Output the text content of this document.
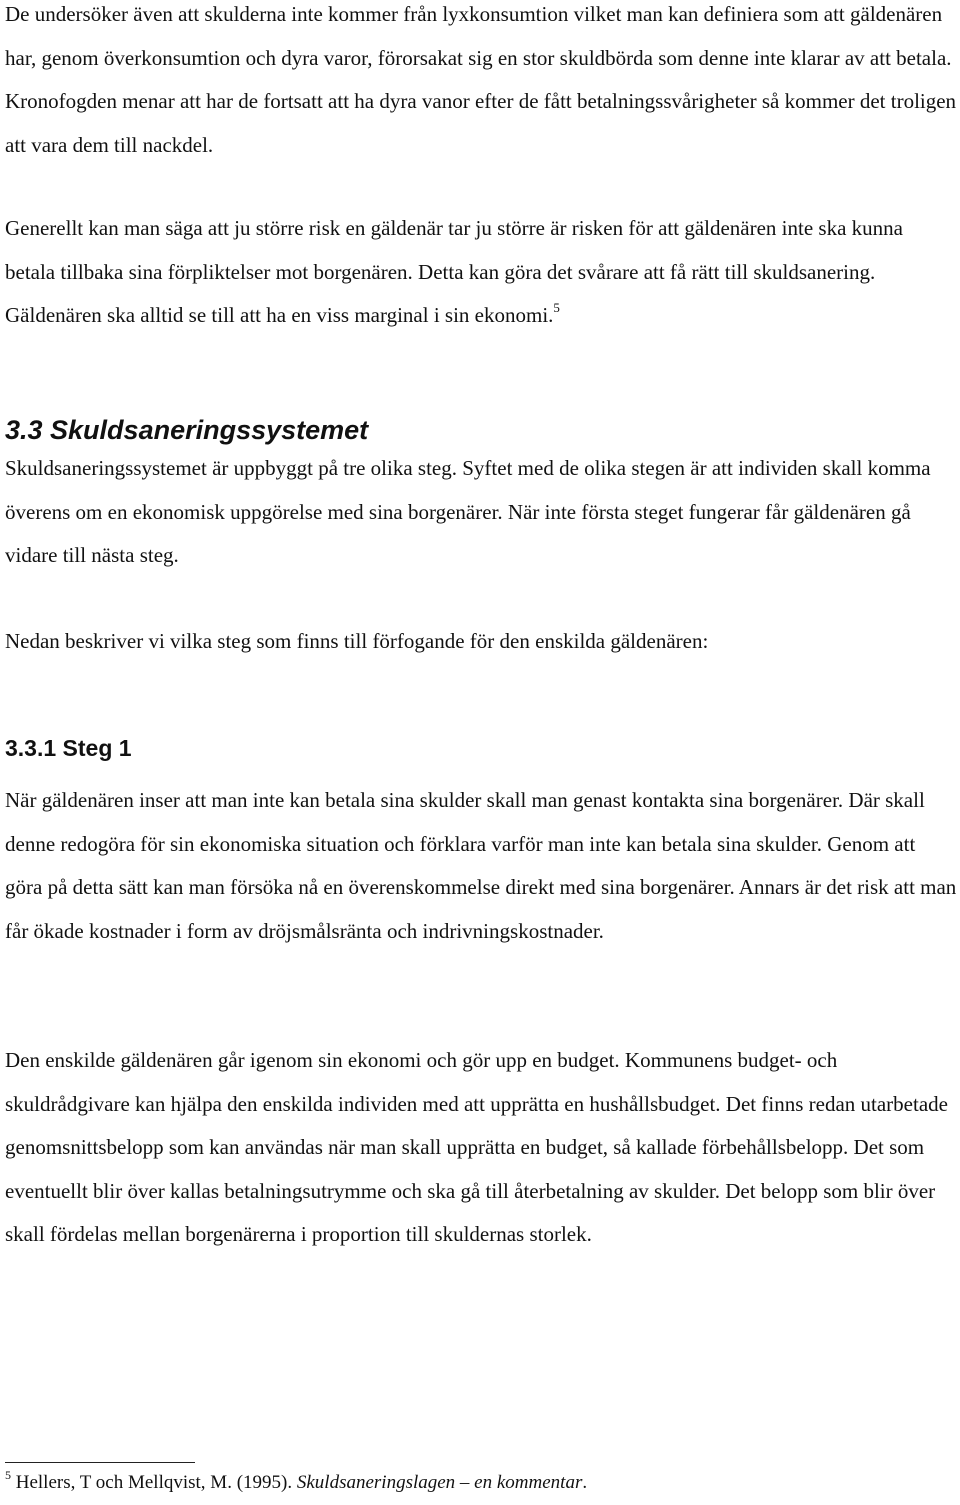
De undersöker även att skulderna inte kommer från lyxkonsumtion vilket man kan definiera som att gäldenären har, genom överkonsumtion och dyra varor, förorsakat sig en stor skuldbörda som denne inte klarar av att betala. Kronofogden menar att har de fortsatt att ha dyra vanor efter de fått betalningssvårigheter så kommer det troligen att vara dem till nackdel.

Generellt kan man säga att ju större risk en gäldenär tar ju större är risken för att gäldenären inte ska kunna betala tillbaka sina förpliktelser mot borgenären. Detta kan göra det svårare att få rätt till skuldsanering. Gäldenären ska alltid se till att ha en viss marginal i sin ekonomi.$^5$

3.3 Skuldsaneringssystemet

Skuldsaneringssystemet är uppbyggt på tre olika steg. Syftet med de olika stegen är att individen skall komma överens om en ekonomisk uppgörelse med sina borgenärer. När inte första steget fungerar får gäldenären gå vidare till nästa steg.

Nedan beskriver vi vilka steg som finns till förfogande för den enskilda gäldenären:

3.3.1 Steg 1

När gäldenären inser att man inte kan betala sina skulder skall man genast kontakta sina borgenärer. Där skall denne redogöra för sin ekonomiska situation och förklara varför man inte kan betala sina skulder. Genom att göra på detta sätt kan man försöka nå en överenskommelse direkt med sina borgenärer. Annars är det risk att man får ökade kostnader i form av dröjsmålsränta och indrivningskostnader.

Den enskilde gäldenären går igenom sin ekonomi och gör upp en budget. Kommunens budget- och skuldrådgivare kan hjälpa den enskilda individen med att upprätta en hushållsbudget. Det finns redan utarbetade genomsnittsbelopp som kan användas när man skall upprätta en budget, så kallade förbehållsbelopp. Det som eventuellt blir över kallas betalningsutrymme och ska gå till återbetalning av skulder. Det belopp som blir över skall fördelas mellan borgenärerna i proportion till skuldernas storlek.

$^5$ Hellers, T och Mellqvist, M. (1995). Skuldsaneringslagen – en kommentar.
